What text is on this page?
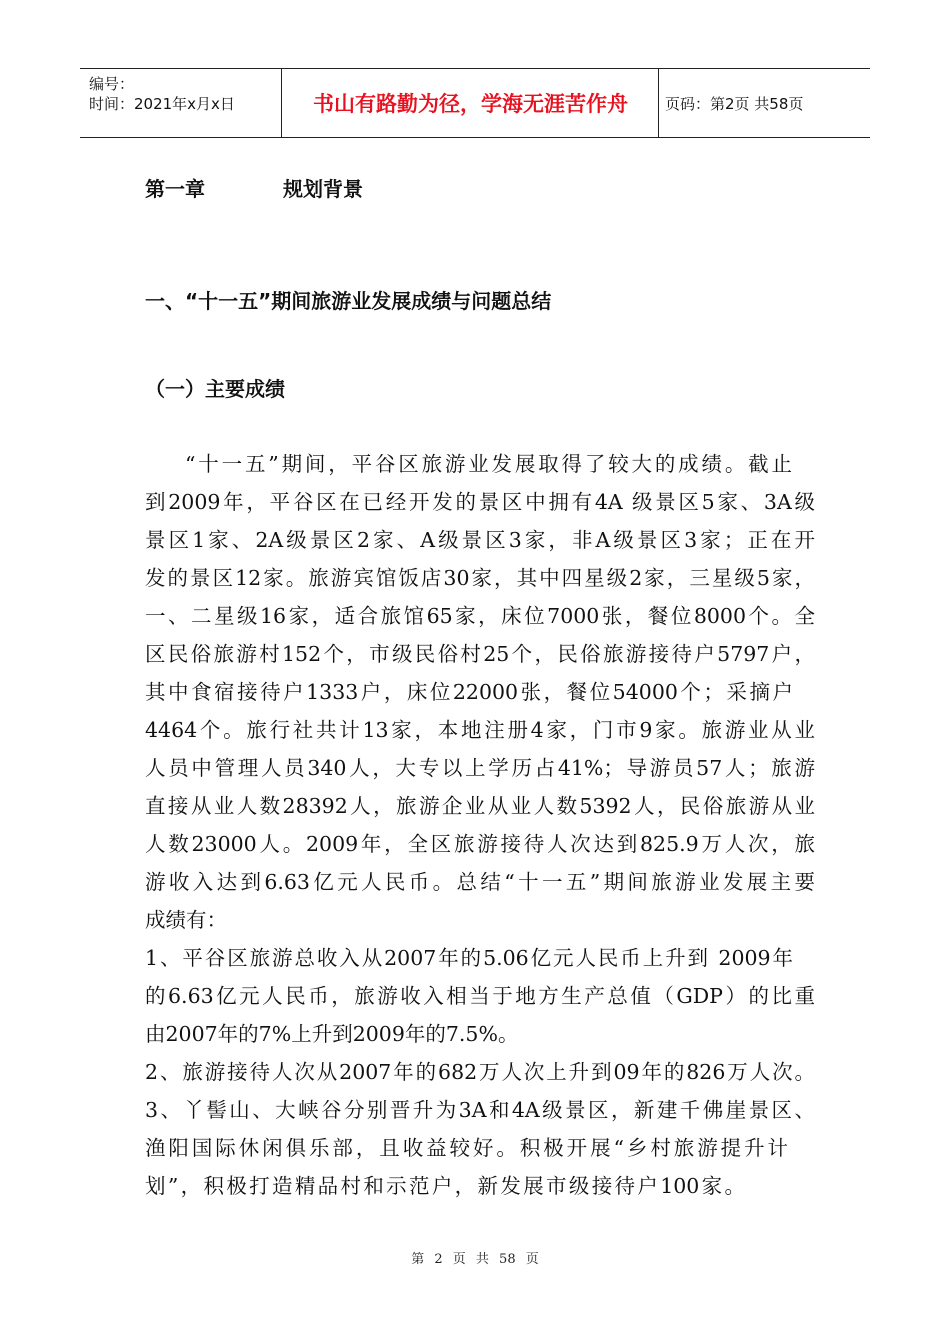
编号：
时间：2021年x月x日	书山有路勤为径，学海无涯苦作舟	页码：第2页 共58页
第一章	规划背景
一、“十一五”期间旅游业发展成绩与问题总结
（一）主要成绩
“十一五”期间，平谷区旅游业发展取得了较大的成绩。截止
到2009年，平谷区在已经开发的景区中拥有4A 级景区5家、3A级
景区1家、2A级景区2家、A级景区3家，非A级景区3家；正在开
发的景区12家。旅游宾馆饭店30家，其中四星级2家，三星级5家，
一、二星级16家，适合旅馆65家，床位7000张，餐位8000个。全
区民俗旅游村152个，市级民俗村25个，民俗旅游接待户5797户，
其中食宿接待户1333户，床位22000张，餐位54000个；采摘户
4464个。旅行社共计13家，本地注册4家，门市9家。旅游业从业
人员中管理人员340人，大专以上学历占41%；导游员57人；旅游
直接从业人数28392人，旅游企业从业人数5392人，民俗旅游从业
人数23000人。2009年，全区旅游接待人次达到825.9万人次，旅
游收入达到6.63亿元人民币。总结“十一五”期间旅游业发展主要
成绩有：
1、平谷区旅游总收入从2007年的5.06亿元人民币上升到 2009年
的6.63亿元人民币，旅游收入相当于地方生产总值（GDP）的比重
由2007年的7%上升到2009年的7.5%。
2、旅游接待人次从2007年的682万人次上升到09年的826万人次。
3、丫髻山、大峡谷分别晋升为3A和4A级景区，新建千佛崖景区、
渔阳国际休闲俱乐部，且收益较好。积极开展“乡村旅游提升计
划”，积极打造精品村和示范户，新发展市级接待户100家。
第 2 页 共 58 页
